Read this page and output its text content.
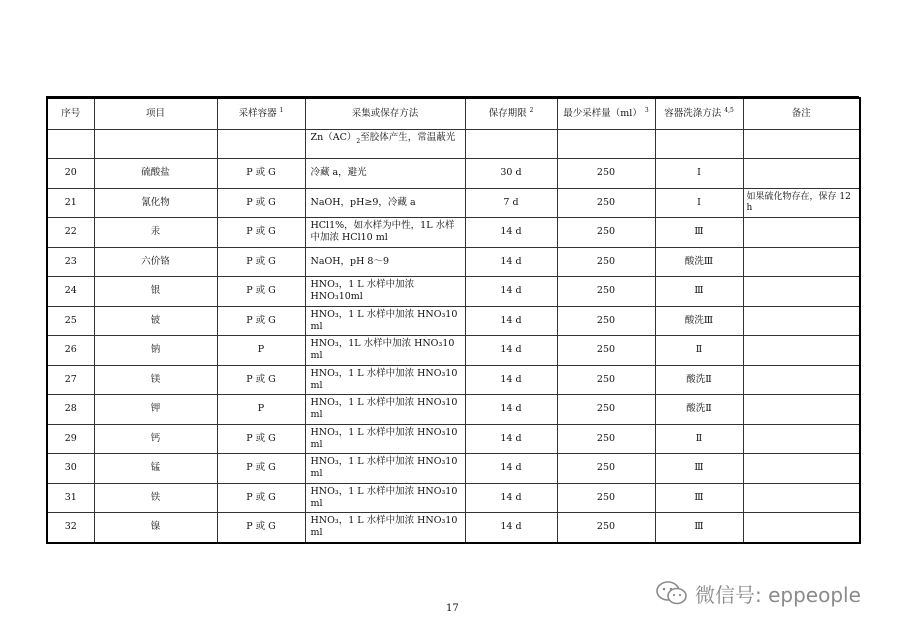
序号	项目	采样容器 $^1$	采集或保存方法	保存期限 $^2$	最少采样量（ml） $^3$	容器洗涤方法 $^{4,5}$	备注
			$Zn(AC)_2$至胶体产生，常温蔽光				
20	硫酸盐	P 或 G	冷藏 a，避光	30 d	250	Ⅰ	
21	氰化物	P 或 G	NaOH，pH≥9，冷藏 a	7 d	250	Ⅰ	如果硫化物存在，保存 12 h
22	汞	P 或 G	HCl1%，如水样为中性，1L 水样中加浓 HCl10 ml	14 d	250	Ⅲ	
23	六价铬	P 或 G	NaOH，pH 8～9	14 d	250	酸洗Ⅲ	
24	银	P 或 G	HNO₃，1 L 水样中加浓 HNO₃10ml	14 d	250	Ⅲ	
25	铍	P 或 G	HNO₃，1 L 水样中加浓 HNO₃10 ml	14 d	250	酸洗Ⅲ	
26	钠	P	HNO₃，1L 水样中加浓 HNO₃10 ml	14 d	250	Ⅱ	
27	镁	P 或 G	HNO₃，1 L 水样中加浓 HNO₃10 ml	14 d	250	酸洗Ⅱ	
28	钾	P	HNO₃，1 L 水样中加浓 HNO₃10 ml	14 d	250	酸洗Ⅱ	
29	钙	P 或 G	HNO₃，1 L 水样中加浓 HNO₃10 ml	14 d	250	Ⅱ	
30	锰	P 或 G	HNO₃，1 L 水样中加浓 HNO₃10 ml	14 d	250	Ⅲ	
31	铁	P 或 G	HNO₃，1 L 水样中加浓 HNO₃10 ml	14 d	250	Ⅲ	
32	镍	P 或 G	HNO₃，1 L 水样中加浓 HNO₃10 ml	14 d	250	Ⅲ	
17
微信号: eppeople
